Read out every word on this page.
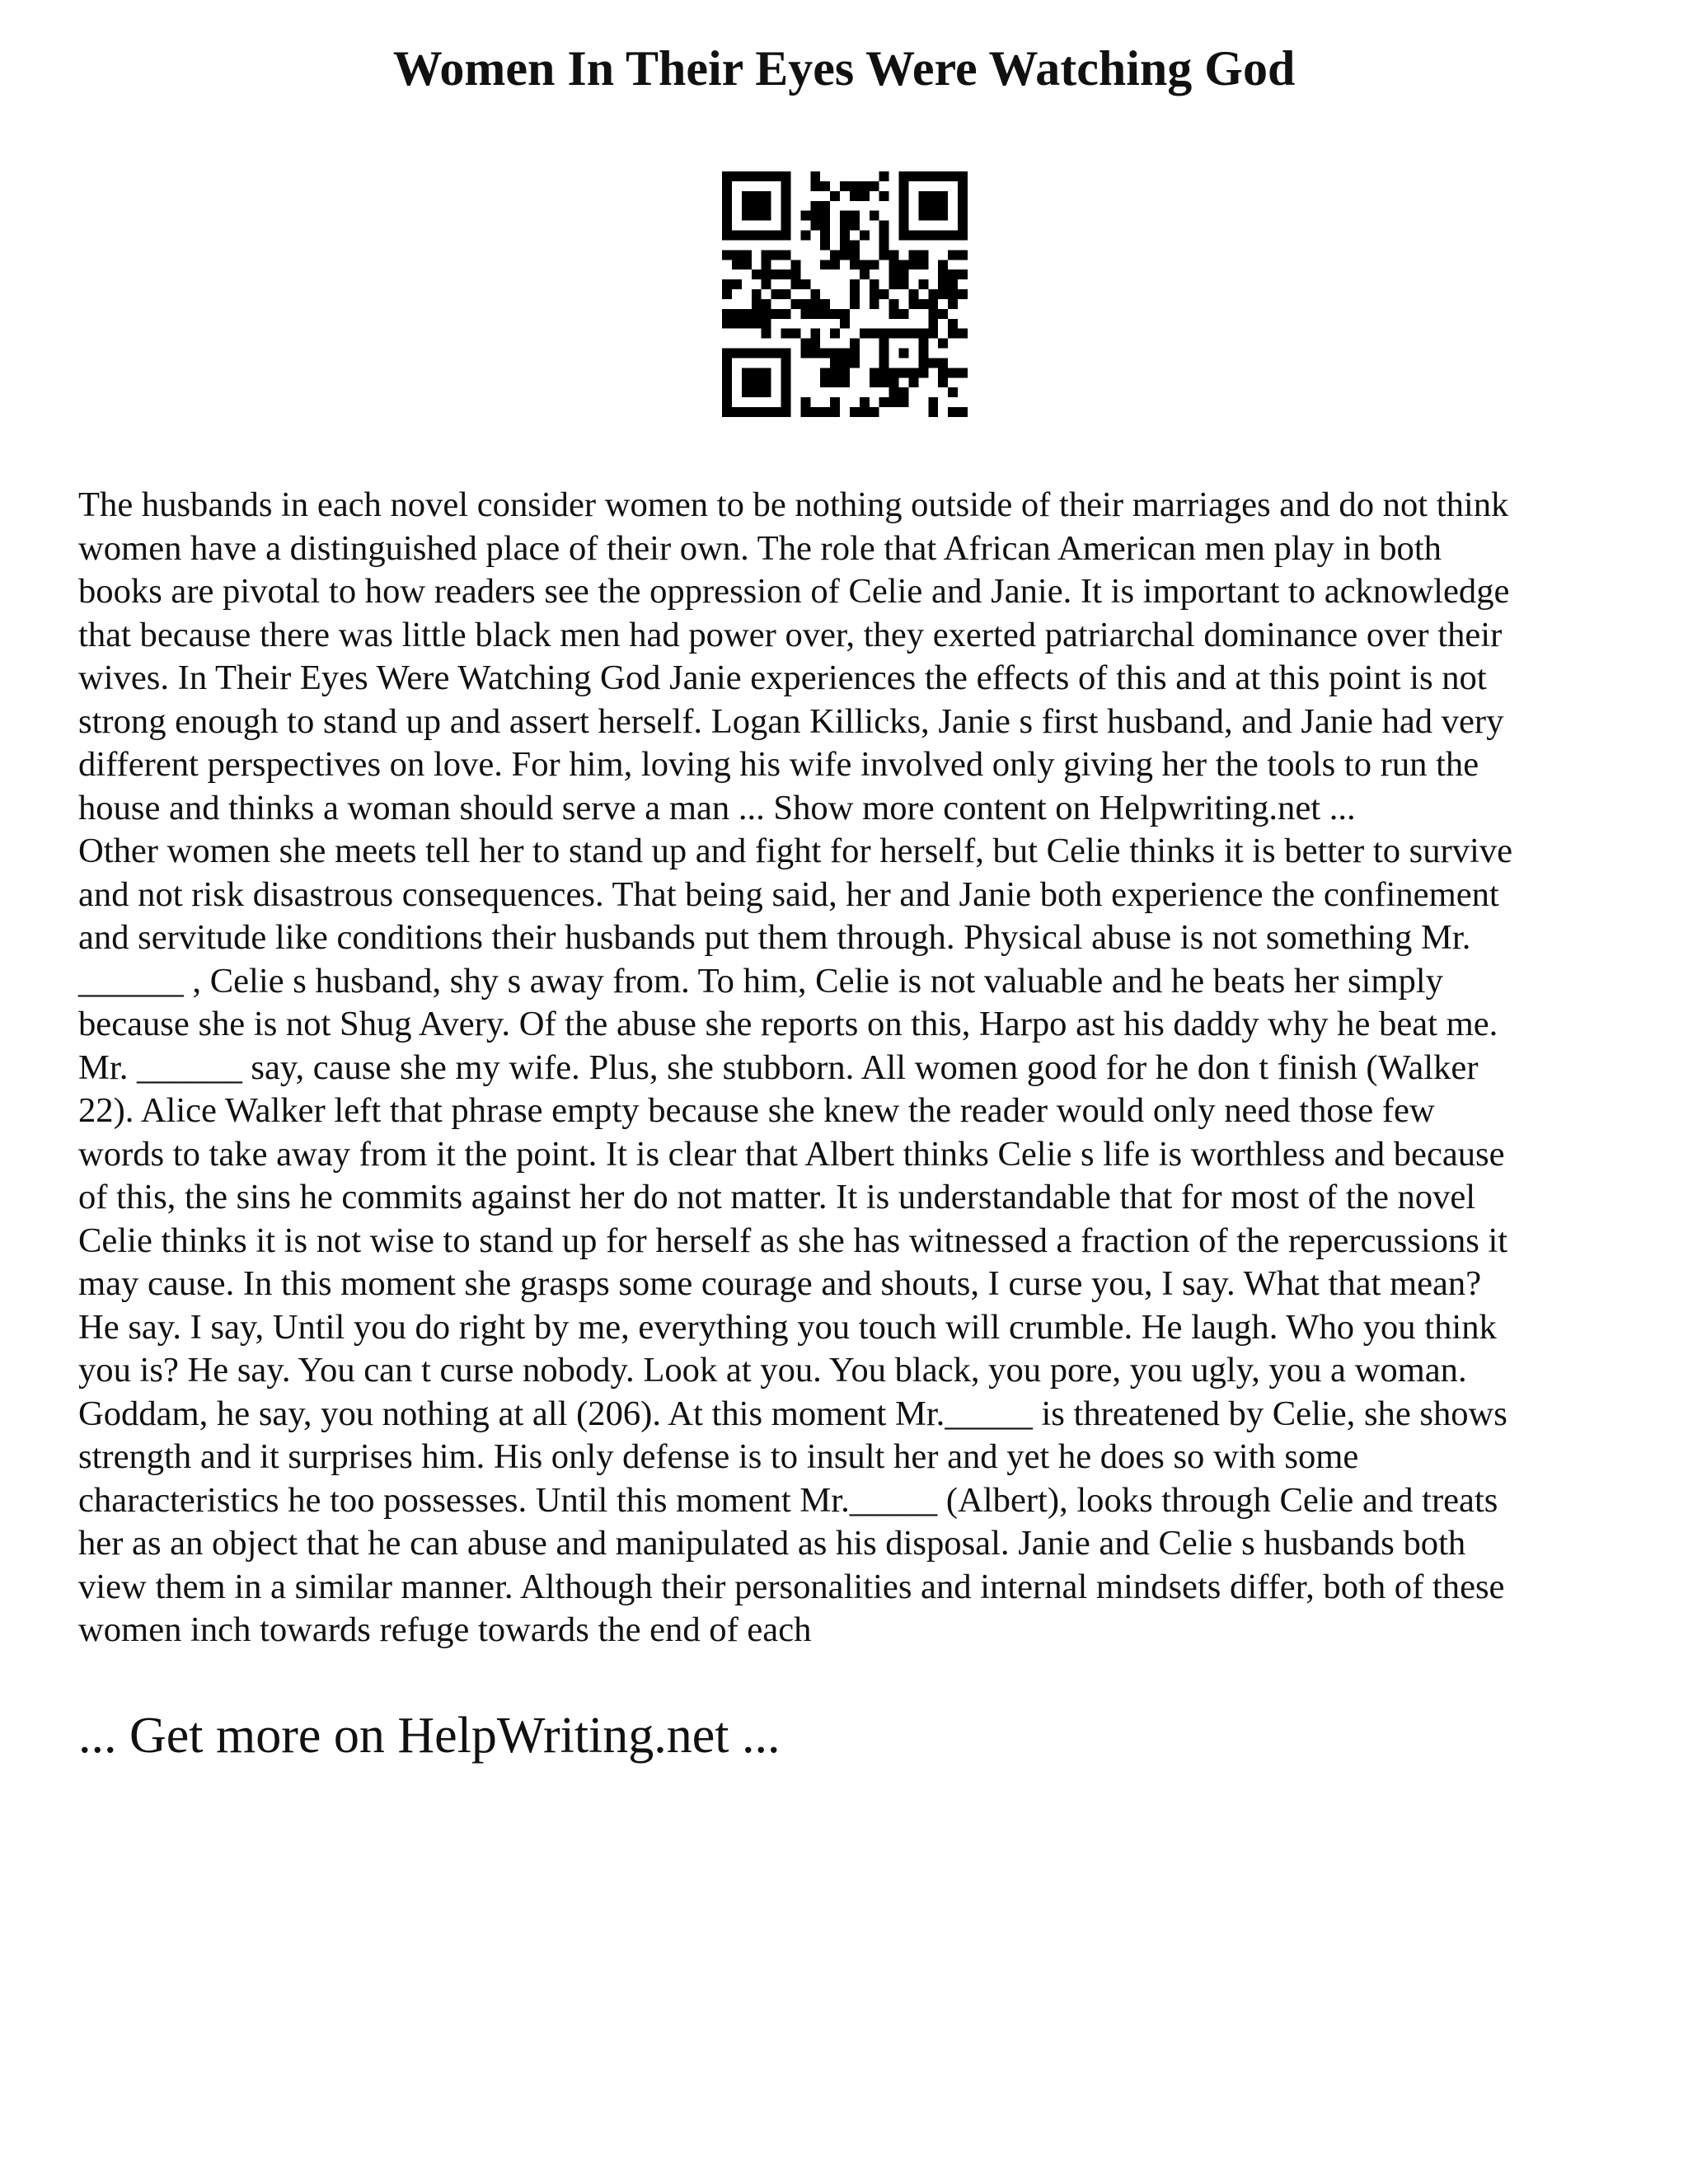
Women In Their Eyes Were Watching God

The husbands in each novel consider women to be nothing outside of their marriages and do not think

women have a distinguished place of their own. The role that African American men play in both

books are pivotal to how readers see the oppression of Celie and Janie. It is important to acknowledge

that because there was little black men had power over, they exerted patriarchal dominance over their

wives. In Their Eyes Were Watching God Janie experiences the effects of this and at this point is not

strong enough to stand up and assert herself. Logan Killicks, Janie s first husband, and Janie had very

different perspectives on love. For him, loving his wife involved only giving her the tools to run the

house and thinks a woman should serve a man ... Show more content on Helpwriting.net ...

Other women she meets tell her to stand up and fight for herself, but Celie thinks it is better to survive

and not risk disastrous consequences. That being said, her and Janie both experience the confinement

and servitude like conditions their husbands put them through. Physical abuse is not something Mr.

______ , Celie s husband, shy s away from. To him, Celie is not valuable and he beats her simply

because she is not Shug Avery. Of the abuse she reports on this, Harpo ast his daddy why he beat me.

Mr. ______ say, cause she my wife. Plus, she stubborn. All women good for he don t finish (Walker

22). Alice Walker left that phrase empty because she knew the reader would only need those few

words to take away from it the point. It is clear that Albert thinks Celie s life is worthless and because

of this, the sins he commits against her do not matter. It is understandable that for most of the novel

Celie thinks it is not wise to stand up for herself as she has witnessed a fraction of the repercussions it

may cause. In this moment she grasps some courage and shouts, I curse you, I say. What that mean?

He say. I say, Until you do right by me, everything you touch will crumble. He laugh. Who you think

you is? He say. You can t curse nobody. Look at you. You black, you pore, you ugly, you a woman.

Goddam, he say, you nothing at all (206). At this moment Mr._____ is threatened by Celie, she shows

strength and it surprises him. His only defense is to insult her and yet he does so with some

characteristics he too possesses. Until this moment Mr._____ (Albert), looks through Celie and treats

her as an object that he can abuse and manipulated as his disposal. Janie and Celie s husbands both

view them in a similar manner. Although their personalities and internal mindsets differ, both of these

women inch towards refuge towards the end of each

... Get more on HelpWriting.net ...
